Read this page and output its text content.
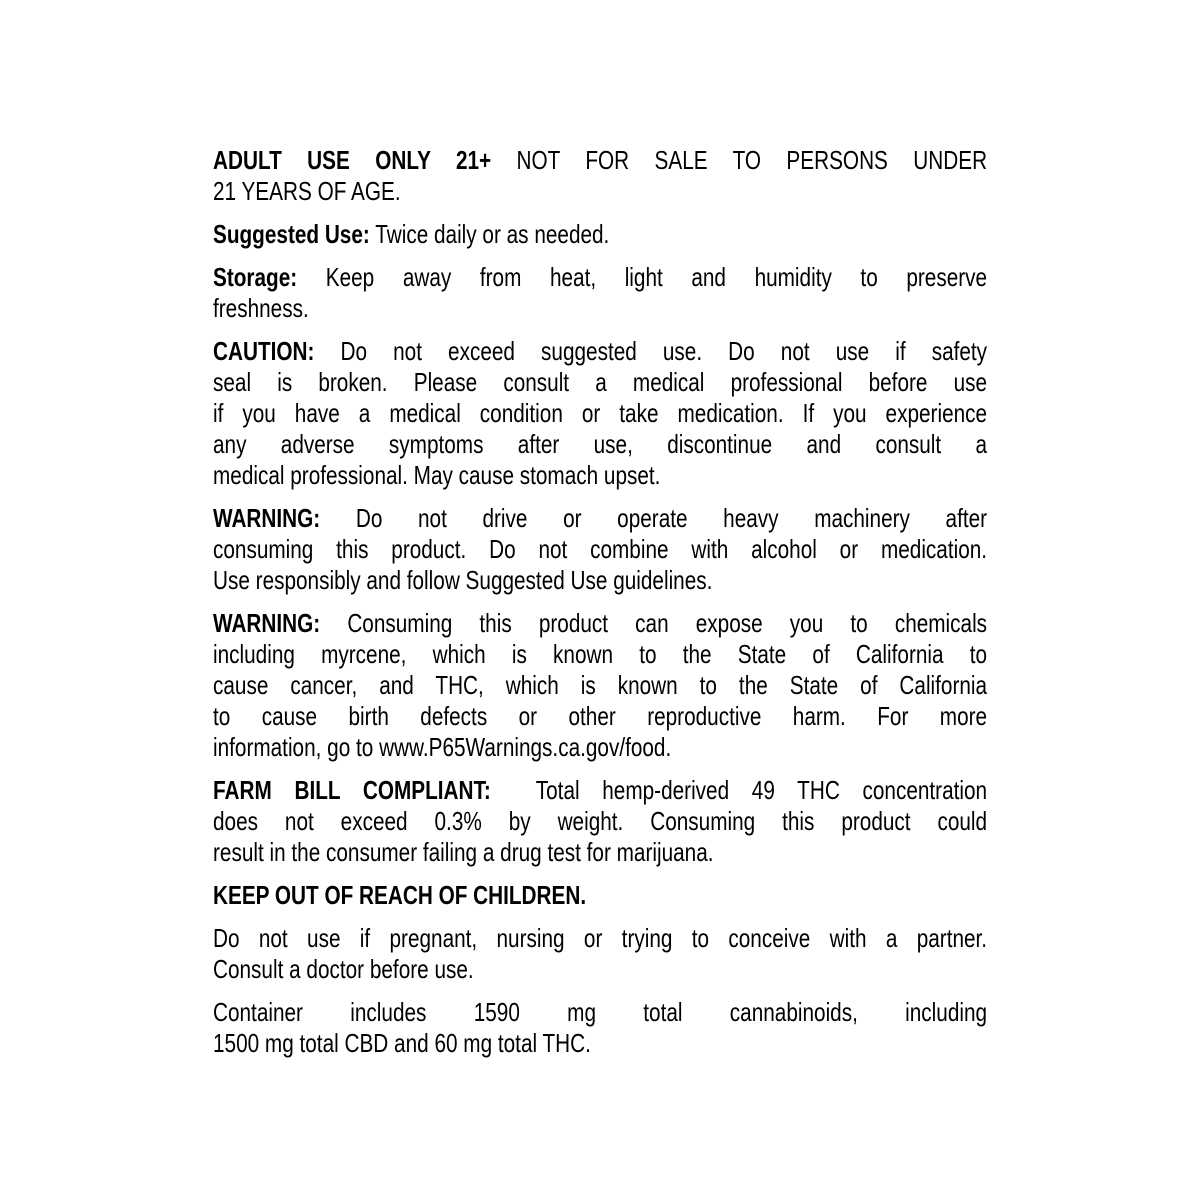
ADULT USE ONLY 21+ NOT FOR SALE TO PERSONS UNDER
21 YEARS OF AGE.
Suggested Use: Twice daily or as needed.
Storage: Keep away from heat, light and humidity to preserve
freshness.
CAUTION: Do not exceed suggested use. Do not use if safety
seal is broken. Please consult a medical professional before use
if you have a medical condition or take medication. If you experience
any adverse symptoms after use, discontinue and consult a
medical professional. May cause stomach upset.
WARNING: Do not drive or operate heavy machinery after
consuming this product. Do not combine with alcohol or medication.
Use responsibly and follow Suggested Use guidelines.
WARNING: Consuming this product can expose you to chemicals
including myrcene, which is known to the State of California to
cause cancer, and THC, which is known to the State of California
to cause birth defects or other reproductive harm. For more
information, go to www.P65Warnings.ca.gov/food.
FARM BILL COMPLIANT:  Total hemp-derived 49 THC concentration
does not exceed 0.3% by weight. Consuming this product could
result in the consumer failing a drug test for marijuana.
KEEP OUT OF REACH OF CHILDREN.
Do not use if pregnant, nursing or trying to conceive with a partner.
Consult a doctor before use.
Container includes 1590 mg total cannabinoids, including
1500 mg total CBD and 60 mg total THC.
